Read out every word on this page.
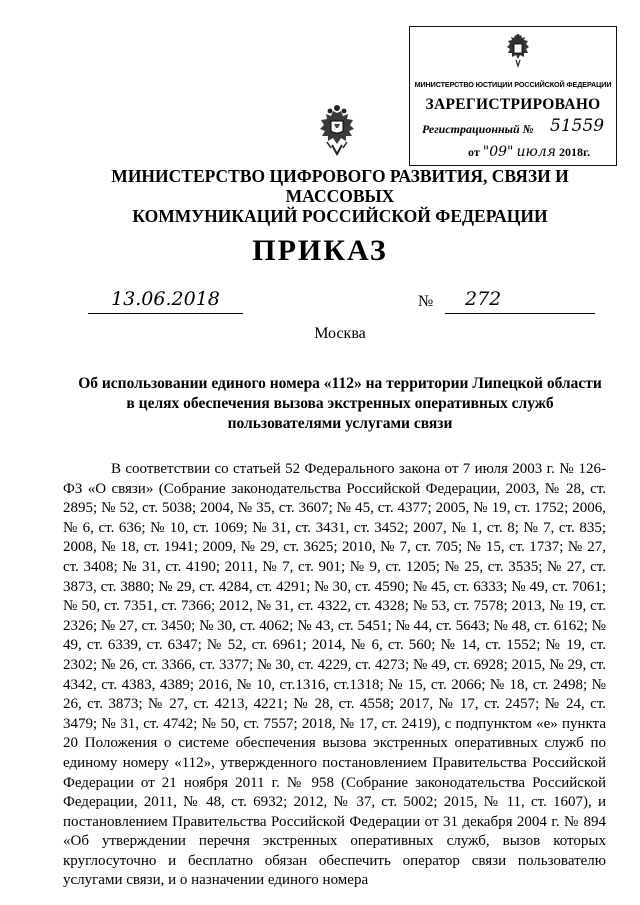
МИНИСТЕРСТВО ЮСТИЦИИ РОССИЙСКОЙ ФЕДЕРАЦИИ
ЗАРЕГИСТРИРОВАНО
Регистрационный № 51559
от "09" июля 2018г.
МИНИСТЕРСТВО ЦИФРОВОГО РАЗВИТИЯ, СВЯЗИ И МАССОВЫХ
КОММУНИКАЦИЙ РОССИЙСКОЙ ФЕДЕРАЦИИ
ПРИКАЗ
13.06.2018	№	272
Москва
Об использовании единого номера «112» на территории Липецкой области
в целях обеспечения вызова экстренных оперативных служб
пользователями услугами связи

В соответствии со статьей 52 Федерального закона от 7 июля 2003 г. № 126-ФЗ «О связи» (Собрание законодательства Российской Федерации, 2003, № 28, ст. 2895; № 52, ст. 5038; 2004, № 35, ст. 3607; № 45, ст. 4377; 2005, № 19, ст. 1752; 2006, № 6, ст. 636; № 10, ст. 1069; № 31, ст. 3431, ст. 3452; 2007, № 1, ст. 8; № 7, ст. 835; 2008, № 18, ст. 1941; 2009, № 29, ст. 3625; 2010, № 7, ст. 705; № 15, ст. 1737; № 27, ст. 3408; № 31, ст. 4190; 2011, № 7, ст. 901; № 9, ст. 1205; № 25, ст. 3535; № 27, ст. 3873, ст. 3880; № 29, ст. 4284, ст. 4291; № 30, ст. 4590; № 45, ст. 6333; № 49, ст. 7061; № 50, ст. 7351, ст. 7366; 2012, № 31, ст. 4322, ст. 4328; № 53, ст. 7578; 2013, № 19, ст. 2326; № 27, ст. 3450; № 30, ст. 4062; № 43, ст. 5451; № 44, ст. 5643; № 48, ст. 6162; № 49, ст. 6339, ст. 6347; № 52, ст. 6961; 2014, № 6, ст. 560; № 14, ст. 1552; № 19, ст. 2302; № 26, ст. 3366, ст. 3377; № 30, ст. 4229, ст. 4273; № 49, ст. 6928; 2015, № 29, ст. 4342, ст. 4383, 4389; 2016, № 10, ст.1316, ст.1318; № 15, ст. 2066; № 18, ст. 2498; № 26, ст. 3873; № 27, ст. 4213, 4221; № 28, ст. 4558; 2017, № 17, ст. 2457; № 24, ст. 3479; № 31, ст. 4742; № 50, ст. 7557; 2018, № 17, ст. 2419), с подпунктом «е» пункта 20 Положения о системе обеспечения вызова экстренных оперативных служб по единому номеру «112», утвержденного постановлением Правительства Российской Федерации от 21 ноября 2011 г. № 958 (Собрание законодательства Российской Федерации, 2011, № 48, ст. 6932; 2012, № 37, ст. 5002; 2015, № 11, ст. 1607), и постановлением Правительства Российской Федерации от 31 декабря 2004 г. № 894 «Об утверждении перечня экстренных оперативных служб, вызов которых круглосуточно и бесплатно обязан обеспечить оператор связи пользователю услугами связи, и о назначении единого номера
